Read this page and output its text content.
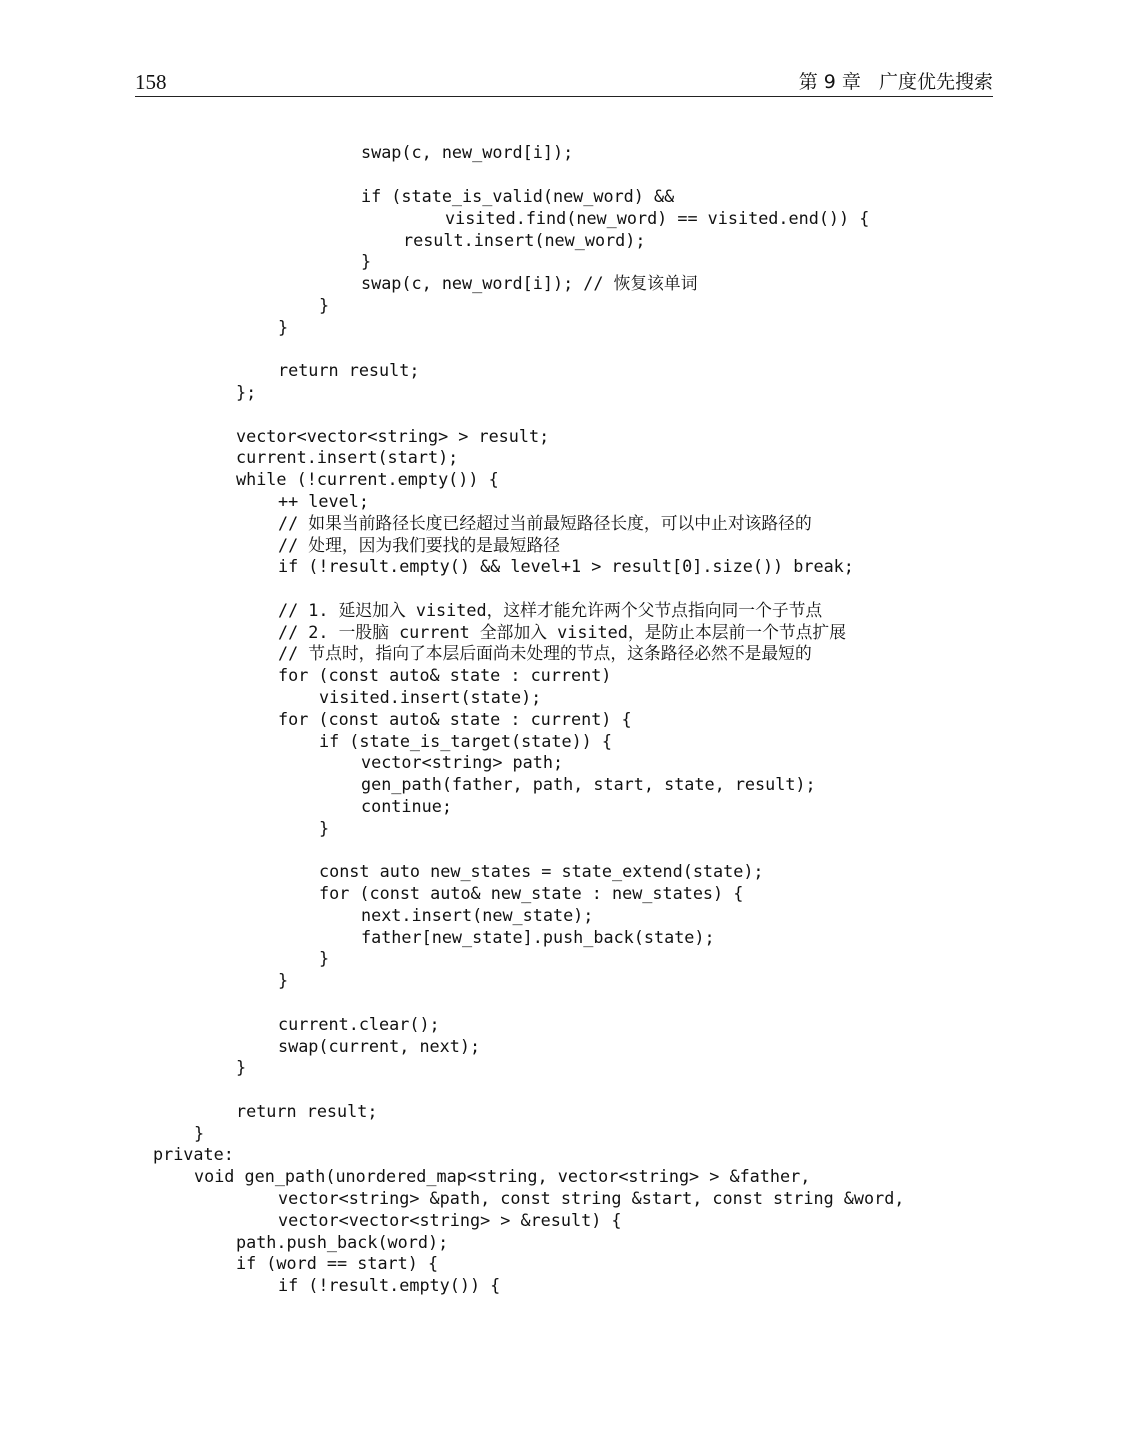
158	第 9 章   广度优先搜索
swap(c, new_word[i]);
if (state_is_valid(new_word) &&
visited.find(new_word) == visited.end()) {
result.insert(new_word);
}
swap(c, new_word[i]); // 恢复该单词
}
}
return result;
};
vector<vector<string> > result;
current.insert(start);
while (!current.empty()) {
++ level;
// 如果当前路径长度已经超过当前最短路径长度，可以中止对该路径的
// 处理，因为我们要找的是最短路径
if (!result.empty() && level+1 > result[0].size()) break;
// 1. 延迟加入 visited，这样才能允许两个父节点指向同一个子节点
// 2. 一股脑 current 全部加入 visited，是防止本层前一个节点扩展
// 节点时，指向了本层后面尚未处理的节点，这条路径必然不是最短的
for (const auto& state : current)
visited.insert(state);
for (const auto& state : current) {
if (state_is_target(state)) {
vector<string> path;
gen_path(father, path, start, state, result);
continue;
}
const auto new_states = state_extend(state);
for (const auto& new_state : new_states) {
next.insert(new_state);
father[new_state].push_back(state);
}
}
current.clear();
swap(current, next);
}
return result;
}
private:
void gen_path(unordered_map<string, vector<string> > &father,
vector<string> &path, const string &start, const string &word,
vector<vector<string> > &result) {
path.push_back(word);
if (word == start) {
if (!result.empty()) {
